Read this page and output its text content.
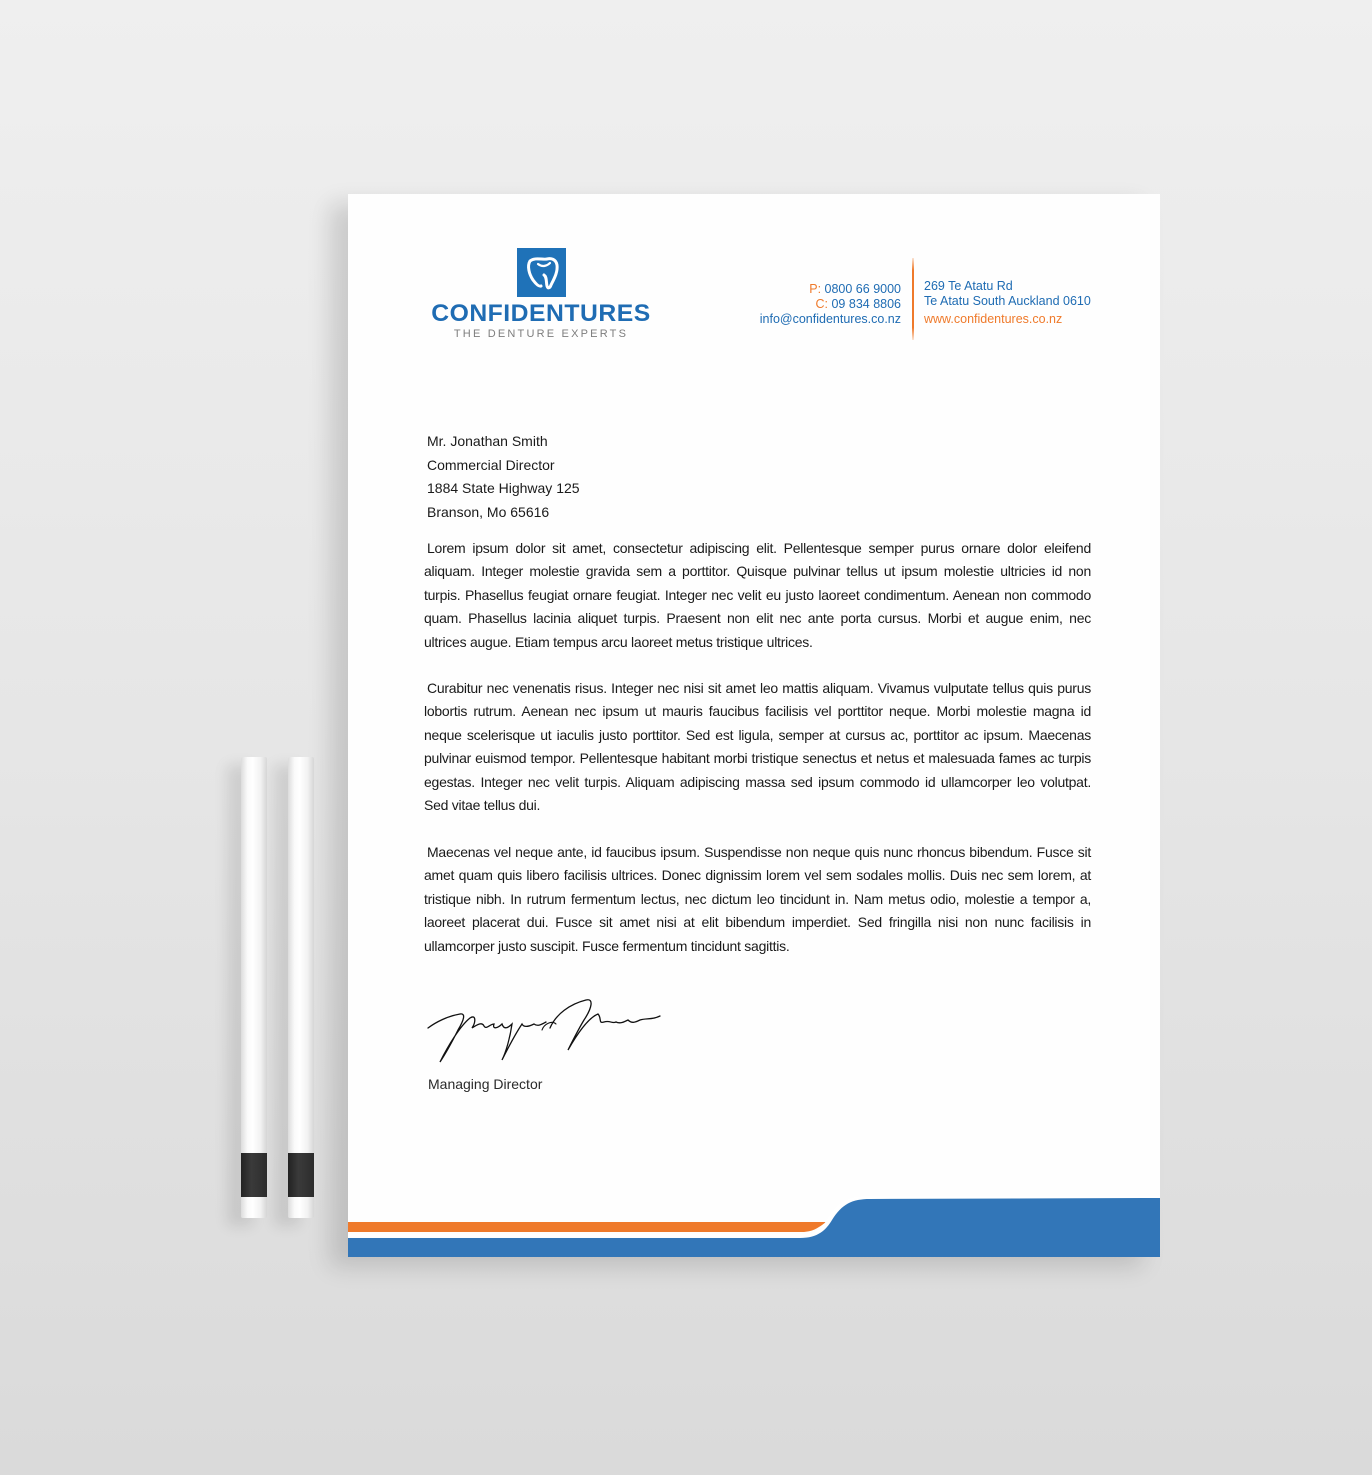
CONFIDENTURES
THE DENTURE EXPERTS
P: 0800 66 9000
C: 09 834 8806
info@confidentures.co.nz
269 Te Atatu Rd
Te Atatu South Auckland 0610
www.confidentures.co.nz
Mr. Jonathan Smith
Commercial Director
1884 State Highway 125
Branson, Mo 65616

Lorem ipsum dolor sit amet, consectetur adipiscing elit. Pellentesque semper purus ornare dolor eleifend aliquam. Integer molestie gravida sem a porttitor. Quisque pulvinar tellus ut ipsum molestie ultricies id non turpis. Phasellus feugiat ornare feugiat. Integer nec velit eu justo laoreet condimentum. Aenean non commodo quam. Phasellus lacinia aliquet turpis. Praesent non elit nec ante porta cursus. Morbi et augue enim, nec ultrices augue. Etiam tempus arcu laoreet metus tristique ultrices.

Curabitur nec venenatis risus. Integer nec nisi sit amet leo mattis aliquam. Vivamus vulputate tellus quis purus lobortis rutrum. Aenean nec ipsum ut mauris faucibus facilisis vel porttitor neque. Morbi molestie magna id neque scelerisque ut iaculis justo porttitor. Sed est ligula, semper at cursus ac, porttitor ac ipsum. Maecenas pulvinar euismod tempor. Pellentesque habitant morbi tristique senectus et netus et malesuada fames ac turpis egestas. Integer nec velit turpis. Aliquam adipiscing massa sed ipsum commodo id ullamcorper leo volutpat. Sed vitae tellus dui.

Maecenas vel neque ante, id faucibus ipsum. Suspendisse non neque quis nunc rhoncus bibendum. Fusce sit amet quam quis libero facilisis ultrices. Donec dignissim lorem vel sem sodales mollis. Duis nec sem lorem, at tristique nibh. In rutrum fermentum lectus, nec dictum leo tincidunt in. Nam metus odio, molestie a tempor a, laoreet placerat dui. Fusce sit amet nisi at elit bibendum imperdiet. Sed fringilla nisi non nunc facilisis in ullamcorper justo suscipit. Fusce fermentum tincidunt sagittis.

Managing Director
